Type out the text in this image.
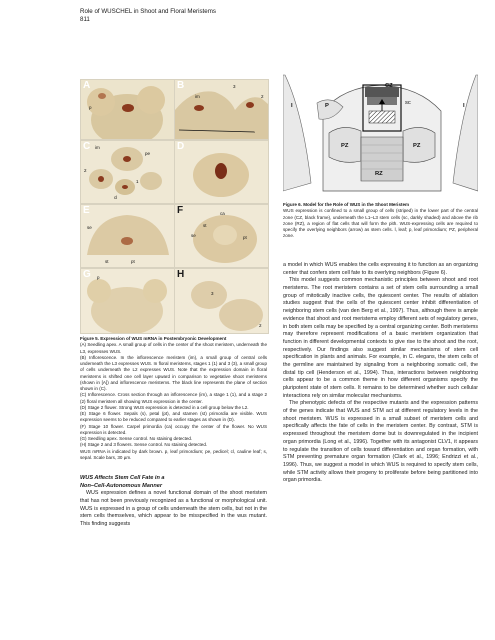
Role of WUSCHEL in Shoot and Floral Meristems
811
A
p
B
im
3
2
C im
pe
2
1
cl
D
E
se
st	pt
F	ca
st
pt
se
G p	H
3
2

Figure 5. Expression of WUS mRNA in Postembryonic Development

(A) Seedling apex. A small group of cells in the center of the shoot meristem, underneath the L3, expresses WUS.

(B) Inflorescence. In the inflorescence meristem (im), a small group of central cells underneath the L3 expresses WUS. In floral meristems, stages 1 (1) and 3 (3), a small group of cells underneath the L2 expresses WUS. Note that the expression domain in floral meristems is shifted one cell layer upward in comparison to vegetative shoot meristems (shown in [A]) and inflorescence meristems. The black line represents the plane of section shown in (C).

(C) Inflorescence. Cross section through an inflorescence (im), a stage 1 (1), and a stage 2 (2) floral meristem all showing WUS expression in the center.

(D) Stage 2 flower. Strong WUS expression is detected in a cell group below the L2.

(E) Stage 6 flower. Sepals (s), petal (pt), and stamen (st) primordia are visible. WUS expression seems to be reduced compared to earlier stages as shown in (D).

(F) Stage 10 flower. Carpel primordia (ca) occupy the center of the flower. No WUS expression is detected.

(G) Seedling apex. Sense control. No staining detected.

(H) Stage 2 and 3 flowers. Sense control. No staining detected.

WUS mRNA is indicated by dark brown. p, leaf primordium; pe, pedicel; cl, cauline leaf; s, sepal. Scale bars, 30 µm.

WUS Affects Stem Cell Fate in a
Non–Cell-Autonomous Manner

WUS expression defines a novel functional domain of the shoot meristem that has not been previously recognized as a functional or morphological unit. WUS is expressed in a group of cells underneath the stem cells, but not in the stem cells themselves, which appear to be misspecified in the wus mutant. This finding suggests

CZ
sc
I	I
P
PZ	PZ
RZ

Figure 6. Model for the Role of WUS in the Shoot Meristem

WUS expression is confined to a small group of cells (striped) in the lower part of the central zone (CZ, black frame), underneath the L1–L3 stem cells (sc, darkly shaded) and above the rib zone (RZ), a region of flat cells that will form the pith. WUS-expressing cells are required to specify the overlying neighbors (arrow) as stem cells. l, leaf; p, leaf primordium; PZ, peripheral zone.

a model in which WUS enables the cells expressing it to function as an organizing center that confers stem cell fate to its overlying neighbors (Figure 6).

This model suggests common mechanistic principles between shoot and root meristems. The root meristem contains a set of stem cells surrounding a small group of mitotically inactive cells, the quiescent center. The results of ablation studies suggest that the cells of the quiescent center inhibit differentiation of neighboring stem cells (van den Berg et al., 1997). Thus, although there is ample evidence that shoot and root meristems employ different sets of regulatory genes, in both stem cells may be specified by a central organizing center. Both meristems may therefore represent modifications of a basic meristem organization that function in different developmental contexts to give rise to the shoot and the root, respectively. Our findings also suggest similar mechanisms of stem cell specification in plants and animals. For example, in C. elegans, the stem cells of the germline are maintained by signaling from a neighboring somatic cell, the distal tip cell (Henderson et al., 1994). Thus, interactions between neighboring cells appear to be a common theme in how different organisms specify the pluripotent state of stem cells. It remains to be determined whether such cellular interactions rely on similar molecular mechanisms.

The phenotypic defects of the respective mutants and the expression patterns of the genes indicate that WUS and STM act at different regulatory levels in the shoot meristem. WUS is expressed in a small subset of meristem cells and specifically affects the fate of cells in the meristem center. By contrast, STM is expressed throughout the meristem dome but is downregulated in the incipient organ primordia (Long et al., 1996). Together with its antagonist CLV1, it appears to regulate the transition of cells toward differentiation and organ formation, with STM preventing premature organ formation (Clark et al., 1996; Endrizzi et al., 1996). Thus, we suggest a model in which WUS is required to specify stem cells, while STM activity allows their progeny to proliferate before being partitioned into organ primordia.
